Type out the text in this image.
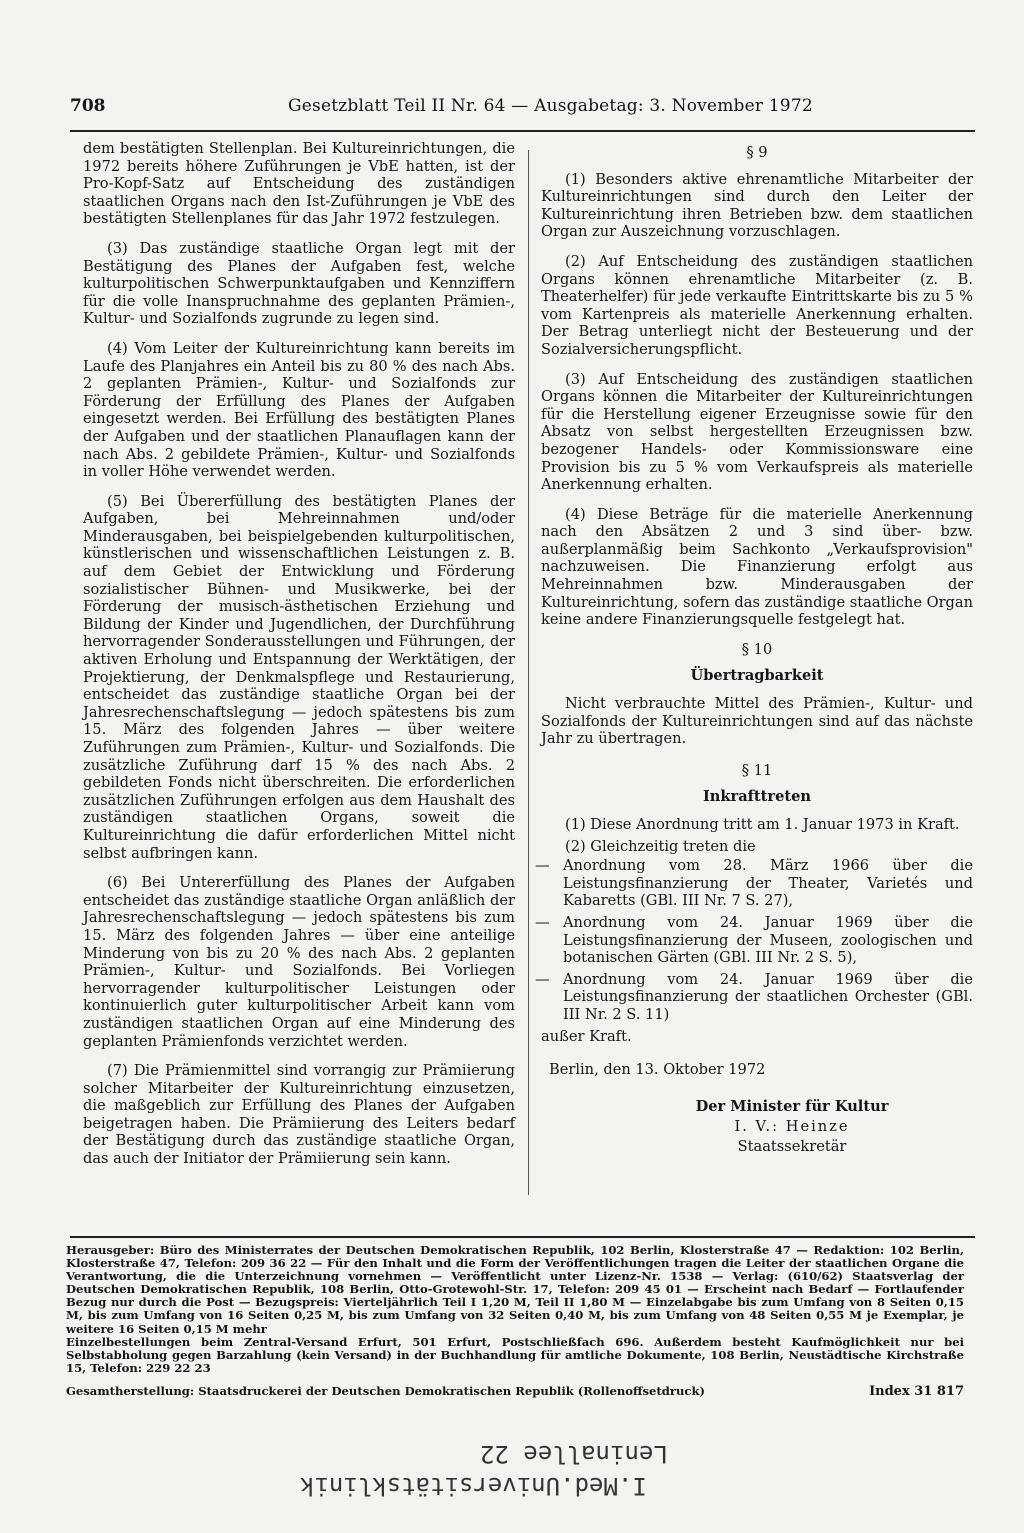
708	Gesetzblatt Teil II Nr. 64 — Ausgabetag: 3. November 1972

dem bestätigten Stellenplan. Bei Kultureinrichtungen, die 1972 bereits höhere Zuführungen je VbE hatten, ist der Pro-Kopf-Satz auf Entscheidung des zuständigen staatlichen Organs nach den Ist-Zuführungen je VbE des bestätigten Stellenplanes für das Jahr 1972 festzulegen.

(3) Das zuständige staatliche Organ legt mit der Bestätigung des Planes der Aufgaben fest, welche kulturpolitischen Schwerpunktaufgaben und Kennziffern für die volle Inanspruchnahme des geplanten Prämien-, Kultur- und Sozialfonds zugrunde zu legen sind.

(4) Vom Leiter der Kultureinrichtung kann bereits im Laufe des Planjahres ein Anteil bis zu 80 % des nach Abs. 2 geplanten Prämien-, Kultur- und Sozialfonds zur Förderung der Erfüllung des Planes der Aufgaben eingesetzt werden. Bei Erfüllung des bestätigten Planes der Aufgaben und der staatlichen Planauflagen kann der nach Abs. 2 gebildete Prämien-, Kultur- und Sozialfonds in voller Höhe verwendet werden.

(5) Bei Übererfüllung des bestätigten Planes der Aufgaben, bei Mehreinnahmen und/oder Minderausgaben, bei beispielgebenden kulturpolitischen, künstlerischen und wissenschaftlichen Leistungen z. B. auf dem Gebiet der Entwicklung und Förderung sozialistischer Bühnen- und Musikwerke, bei der Förderung der musisch-ästhetischen Erziehung und Bildung der Kinder und Jugendlichen, der Durchführung hervorragender Sonderausstellungen und Führungen, der aktiven Erholung und Entspannung der Werktätigen, der Projektierung, der Denkmalspflege und Restaurierung, entscheidet das zuständige staatliche Organ bei der Jahresrechenschaftslegung — jedoch spätestens bis zum 15. März des folgenden Jahres — über weitere Zuführungen zum Prämien-, Kultur- und Sozialfonds. Die zusätzliche Zuführung darf 15 % des nach Abs. 2 gebildeten Fonds nicht überschreiten. Die erforderlichen zusätzlichen Zuführungen erfolgen aus dem Haushalt des zuständigen staatlichen Organs, soweit die Kultureinrichtung die dafür erforderlichen Mittel nicht selbst aufbringen kann.

(6) Bei Untererfüllung des Planes der Aufgaben entscheidet das zuständige staatliche Organ anläßlich der Jahresrechenschaftslegung — jedoch spätestens bis zum 15. März des folgenden Jahres — über eine anteilige Minderung von bis zu 20 % des nach Abs. 2 geplanten Prämien-, Kultur- und Sozialfonds. Bei Vorliegen hervorragender kulturpolitischer Leistungen oder kontinuierlich guter kulturpolitischer Arbeit kann vom zuständigen staatlichen Organ auf eine Minderung des geplanten Prämienfonds verzichtet werden.

(7) Die Prämienmittel sind vorrangig zur Prämiierung solcher Mitarbeiter der Kultureinrichtung einzusetzen, die maßgeblich zur Erfüllung des Planes der Aufgaben beigetragen haben. Die Prämiierung des Leiters bedarf der Bestätigung durch das zuständige staatliche Organ, das auch der Initiator der Prämiierung sein kann.

§ 9

(1) Besonders aktive ehrenamtliche Mitarbeiter der Kultureinrichtungen sind durch den Leiter der Kultureinrichtung ihren Betrieben bzw. dem staatlichen Organ zur Auszeichnung vorzuschlagen.

(2) Auf Entscheidung des zuständigen staatlichen Organs können ehrenamtliche Mitarbeiter (z. B. Theaterhelfer) für jede verkaufte Eintrittskarte bis zu 5 % vom Kartenpreis als materielle Anerkennung erhalten. Der Betrag unterliegt nicht der Besteuerung und der Sozialversicherungspflicht.

(3) Auf Entscheidung des zuständigen staatlichen Organs können die Mitarbeiter der Kultureinrichtungen für die Herstellung eigener Erzeugnisse sowie für den Absatz von selbst hergestellten Erzeugnissen bzw. bezogener Handels- oder Kommissionsware eine Provision bis zu 5 % vom Verkaufspreis als materielle Anerkennung erhalten.

(4) Diese Beträge für die materielle Anerkennung nach den Absätzen 2 und 3 sind über- bzw. außerplanmäßig beim Sachkonto „Verkaufsprovision" nachzuweisen. Die Finanzierung erfolgt aus Mehreinnahmen bzw. Minderausgaben der Kultureinrichtung, sofern das zuständige staatliche Organ keine andere Finanzierungsquelle festgelegt hat.

§ 10
Übertragbarkeit

Nicht verbrauchte Mittel des Prämien-, Kultur- und Sozialfonds der Kultureinrichtungen sind auf das nächste Jahr zu übertragen.

§ 11
Inkrafttreten

(1) Diese Anordnung tritt am 1. Januar 1973 in Kraft.

(2) Gleichzeitig treten die

— Anordnung vom 28. März 1966 über die Leistungsfinanzierung der Theater, Varietés und Kabaretts (GBl. III Nr. 7 S. 27),
— Anordnung vom 24. Januar 1969 über die Leistungsfinanzierung der Museen, zoologischen und botanischen Gärten (GBl. III Nr. 2 S. 5),
— Anordnung vom 24. Januar 1969 über die Leistungsfinanzierung der staatlichen Orchester (GBl. III Nr. 2 S. 11)

außer Kraft.

Berlin, den 13. Oktober 1972
Der Minister für Kultur
I. V.: Heinze
Staatssekretär

Herausgeber: Büro des Ministerrates der Deutschen Demokratischen Republik, 102 Berlin, Klosterstraße 47 — Redaktion: 102 Berlin, Klosterstraße 47, Telefon: 209 36 22 — Für den Inhalt und die Form der Veröffentlichungen tragen die Leiter der staatlichen Organe die Verantwortung, die die Unterzeichnung vornehmen — Veröffentlicht unter Lizenz-Nr. 1538 — Verlag: (610/62) Staatsverlag der Deutschen Demokratischen Republik, 108 Berlin, Otto-Grotewohl-Str. 17, Telefon: 209 45 01 — Erscheint nach Bedarf — Fortlaufender Bezug nur durch die Post — Bezugspreis: Vierteljährlich Teil I 1,20 M, Teil II 1,80 M — Einzelabgabe bis zum Umfang von 8 Seiten 0,15 M, bis zum Umfang von 16 Seiten 0,25 M, bis zum Umfang von 32 Seiten 0,40 M, bis zum Umfang von 48 Seiten 0,55 M je Exemplar, je weitere 16 Seiten 0,15 M mehr

Einzelbestellungen beim Zentral-Versand Erfurt, 501 Erfurt, Postschließfach 696. Außerdem besteht Kaufmöglichkeit nur bei Selbstabholung gegen Barzahlung (kein Versand) in der Buchhandlung für amtliche Dokumente, 108 Berlin, Neustädtische Kirchstraße 15, Telefon: 229 22 23

Gesamtherstellung: Staatsdruckerei der Deutschen Demokratischen Republik (Rollenoffsetdruck)	Index 31 817
Leninallee 22
I.Med.Universitätsklinik
